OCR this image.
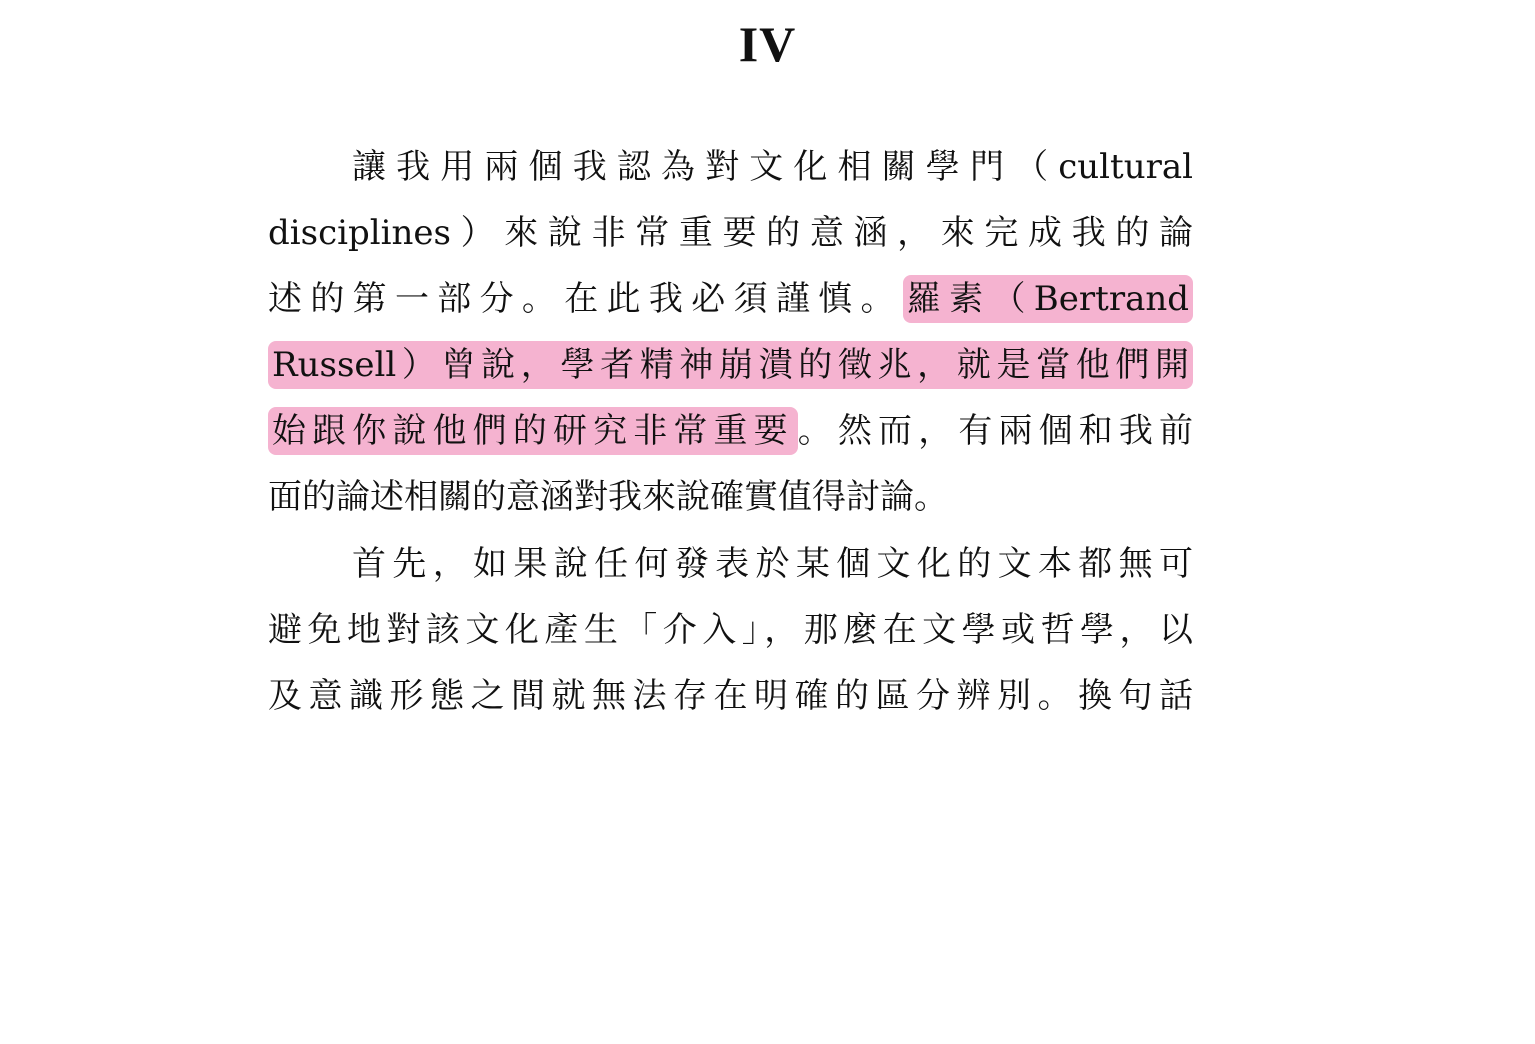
IV
讓我用兩個我認為對文化相關學門（cultural
disciplines）來說非常重要的意涵，來完成我的論
述的第一部分。在此我必須謹慎。 羅素（Bertrand
Russell）曾說，學者精神崩潰的徵兆，就是當他們開
始跟你說他們的研究非常重要 。然而，有兩個和我前
面的論述相關的意涵對我來說確實值得討論。
首先，如果說任何發表於某個文化的文本都無可
避免地對該文化產生「介入」，那麼在文學或哲學，以
及意識形態之間就無法存在明確的區分辨別。換句話
